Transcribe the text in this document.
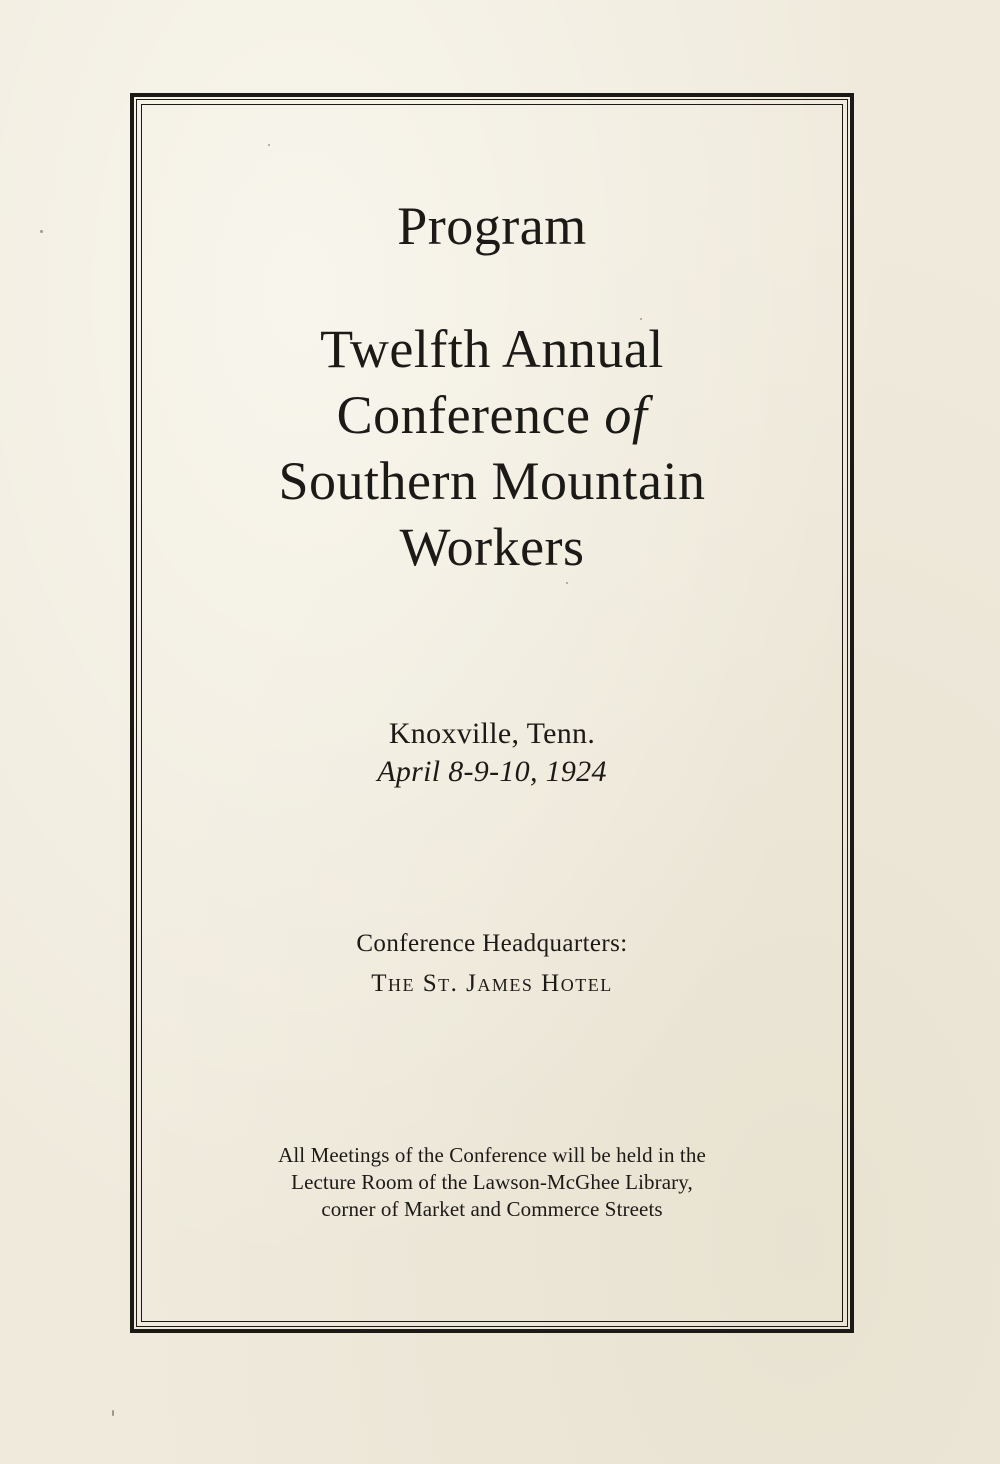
Program
Twelfth Annual
Conference of
Southern Mountain
Workers
Knoxville, Tenn.
April 8-9-10, 1924
Conference Headquarters:
The St. James Hotel
All Meetings of the Conference will be held in the
Lecture Room of the Lawson-McGhee Library,
corner of Market and Commerce Streets
